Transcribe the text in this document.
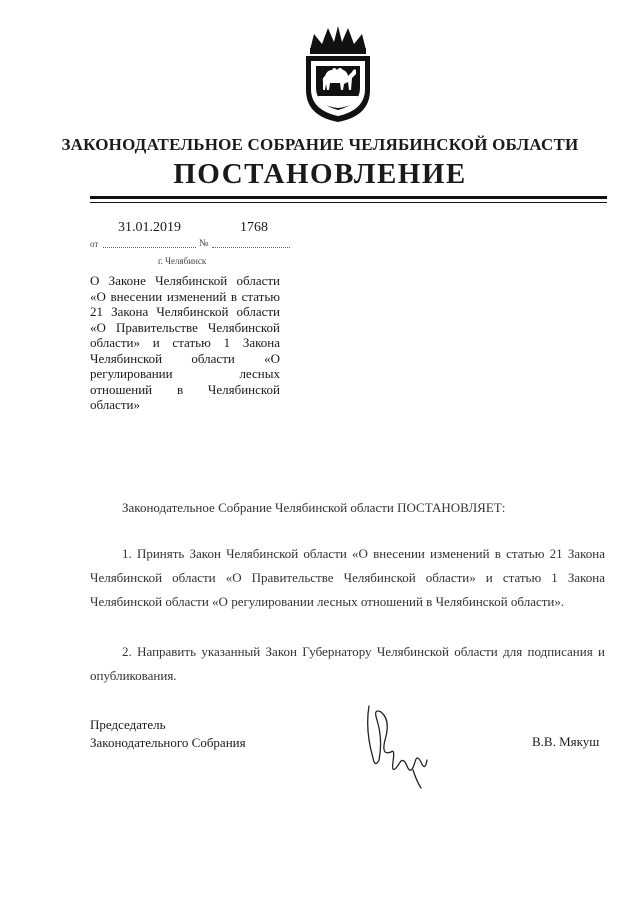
ЗАКОНОДАТЕЛЬНОЕ СОБРАНИЕ ЧЕЛЯБИНСКОЙ ОБЛАСТИ
ПОСТАНОВЛЕНИЕ
31.01.2019	1768
от	№
г. Челябинск
О Законе Челябинской области «О внесении изменений в статью 21 Закона Челябинской области «О Правительстве Челябинской области» и статью 1 Закона Челябинской области «О регулировании лесных отношений в Челябинской области»
Законодательное Собрание Челябинской области ПОСТАНОВЛЯЕТ:
1. Принять Закон Челябинской области «О внесении изменений в статью 21 Закона Челябинской области «О Правительстве Челябинской области» и статью 1 Закона Челябинской области «О регулировании лесных отношений в Челябинской области».
2. Направить указанный Закон Губернатору Челябинской области для подписания и опубликования.
Председатель
Законодательного Собрания	В.В. Мякуш
